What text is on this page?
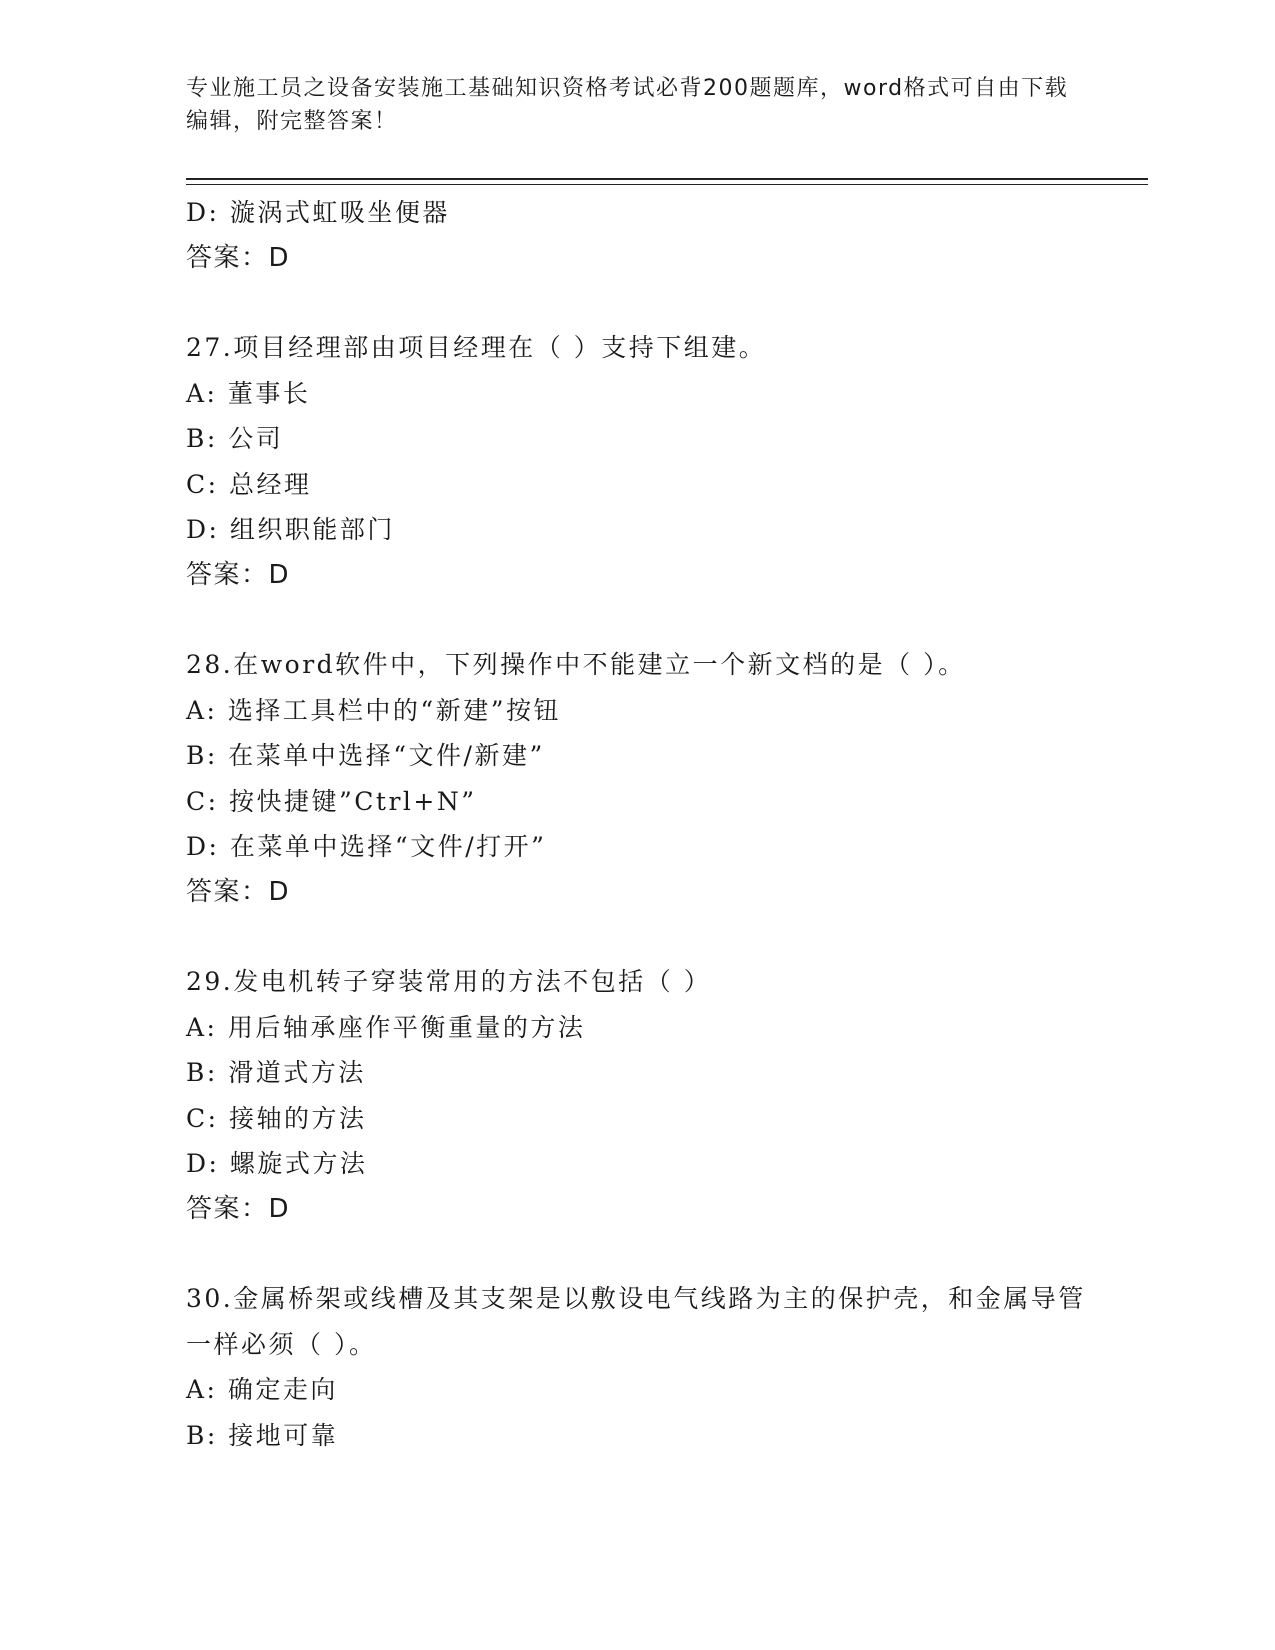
专业施工员之设备安装施工基础知识资格考试必背200题题库，word格式可自由下载编辑，附完整答案！
D: 漩涡式虹吸坐便器
答案：D
27.项目经理部由项目经理在（ ）支持下组建。
A: 董事长
B: 公司
C: 总经理
D: 组织职能部门
答案：D
28.在word软件中，下列操作中不能建立一个新文档的是（ ）。
A: 选择工具栏中的“新建”按钮
B: 在菜单中选择“文件/新建”
C: 按快捷键”Ctrl+N”
D: 在菜单中选择“文件/打开”
答案：D
29.发电机转子穿装常用的方法不包括（ ）
A: 用后轴承座作平衡重量的方法
B: 滑道式方法
C: 接轴的方法
D: 螺旋式方法
答案：D
30.金属桥架或线槽及其支架是以敷设电气线路为主的保护壳，和金属导管一样必须（ ）。
A: 确定走向
B: 接地可靠
